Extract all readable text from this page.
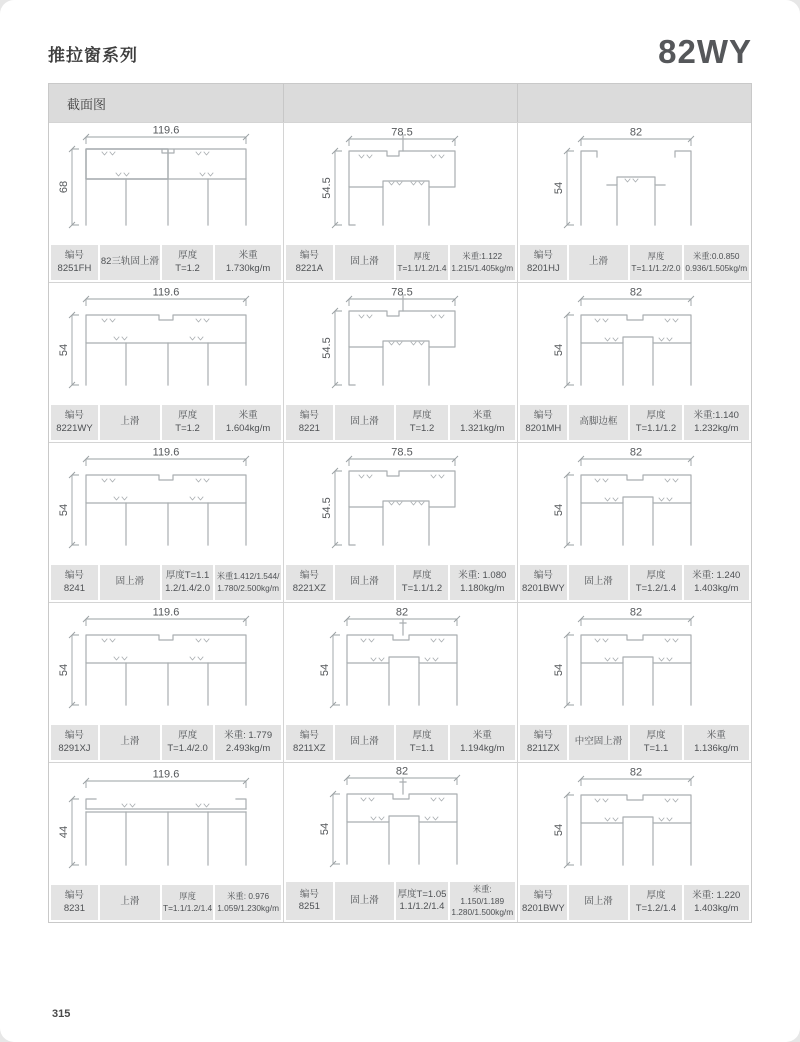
推拉窗系列	82WY
截面图
119.6
68
编号
8251FH
82三轨固上滑
厚度
T=1.2
米重
1.730kg/m
78.5
54.5
编号
8221A
固上滑
厚度
T=1.1/1.2/1.4
米重:1.122
1.215/1.405kg/m
82
54
编号
8201HJ
上滑
厚度
T=1.1/1.2/2.0
米重:0.0.850
0.936/1.505kg/m
119.6
54
编号
8221WY
上滑
厚度
T=1.2
米重
1.604kg/m
78.5
54.5
编号
8221
固上滑
厚度
T=1.2
米重
1.321kg/m
82
54
编号
8201MH
高脚边框
厚度
T=1.1/1.2
米重:1.140
1.232kg/m
119.6
54
编号
8241
固上滑
厚度T=1.1
1.2/1.4/2.0
米重1.412/1.544/
1.780/2.500kg/m
78.5
54.5
编号
8221XZ
固上滑
厚度
T=1.1/1.2
米重: 1.080
1.180kg/m
82
54
编号
8201BWY
固上滑
厚度
T=1.2/1.4
米重: 1.240
1.403kg/m
119.6
54
编号
8291XJ
上滑
厚度
T=1.4/2.0
米重: 1.779
2.493kg/m
82
54
编号
8211XZ
固上滑
厚度
T=1.1
米重
1.194kg/m
82
54
编号
8211ZX
中空固上滑
厚度
T=1.1
米重
1.136kg/m
119.6
44
编号
8231
上滑
厚度
T=1.1/1.2/1.4
米重: 0.976
1.059/1.230kg/m
82
54
编号
8251
固上滑
厚度T=1.05
1.1/1.2/1.4
米重: 1.150/1.189
1.280/1.500kg/m
82
54
编号
8201BWY
固上滑
厚度
T=1.2/1.4
米重: 1.220
1.403kg/m
315
